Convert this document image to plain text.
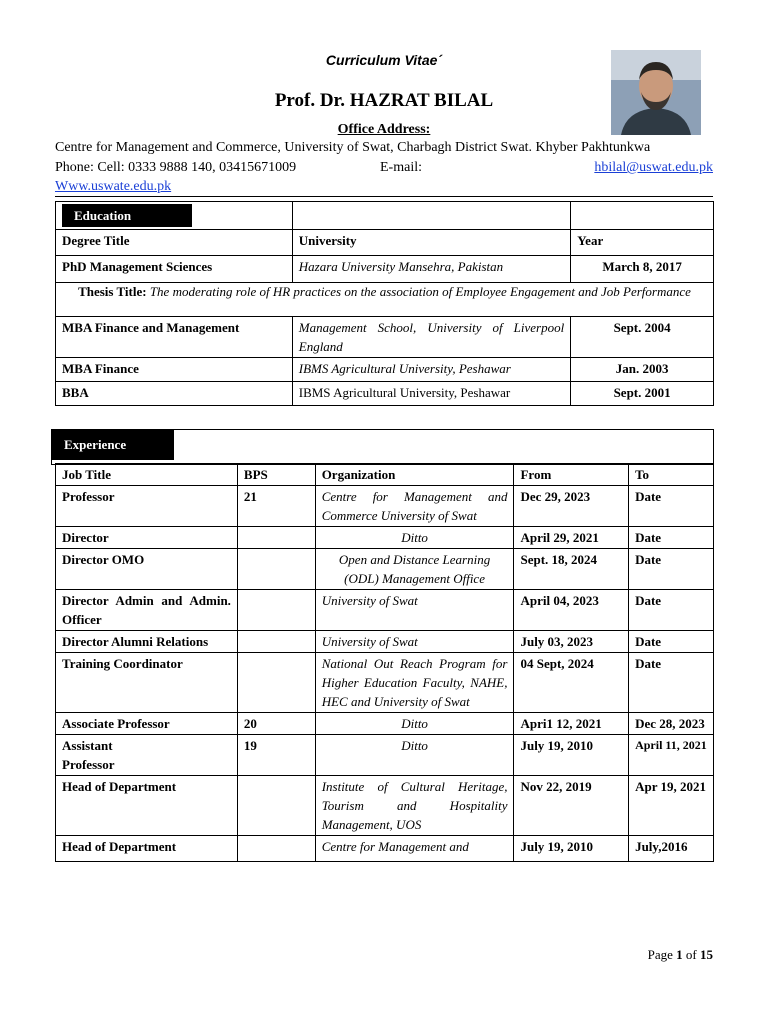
Curriculum Vitae´
Prof. Dr. HAZRAT BILAL
Office Address:
Centre for Management and Commerce, University of Swat, Charbagh District Swat. Khyber Pakhtunkwa
Phone: Cell: 0333 9888 140, 03415671009	E-mail:	hbilal@uswat.edu.pk
Www.uswate.edu.pk
Education		
Degree Title	University	Year
PhD Management Sciences	Hazara University Mansehra, Pakistan	March 8, 2017
Thesis Title: The moderating role of HR practices on the association of Employee Engagement and Job Performance		
MBA Finance and Management	Management School, University of Liverpool England	Sept. 2004
MBA Finance	IBMS Agricultural University, Peshawar	Jan. 2003
BBA	IBMS Agricultural University, Peshawar	Sept. 2001
Experience
Job Title	BPS	Organization	From	To
Professor	21	Centre for Management and Commerce University of Swat	Dec 29, 2023	Date
Director		Ditto	April 29, 2021	Date
Director OMO		Open and Distance Learning (ODL) Management Office	Sept. 18, 2024	Date
Director Admin and Admin. Officer		University of Swat	April 04, 2023	Date
Director Alumni Relations		University of Swat	July 03, 2023	Date
Training Coordinator		National Out Reach Program for Higher Education Faculty, NAHE, HEC and University of Swat	04 Sept, 2024	Date
Associate Professor	20	Ditto	Apri1 12, 2021	Dec 28, 2023
Assistant Professor	19	Ditto	July 19, 2010	April 11, 2021
Head of Department		Institute of Cultural Heritage, Tourism and Hospitality Management, UOS	Nov 22, 2019	Apr 19, 2021
Head of Department		Centre for Management and	July 19, 2010	July,2016
Page 1 of 15
